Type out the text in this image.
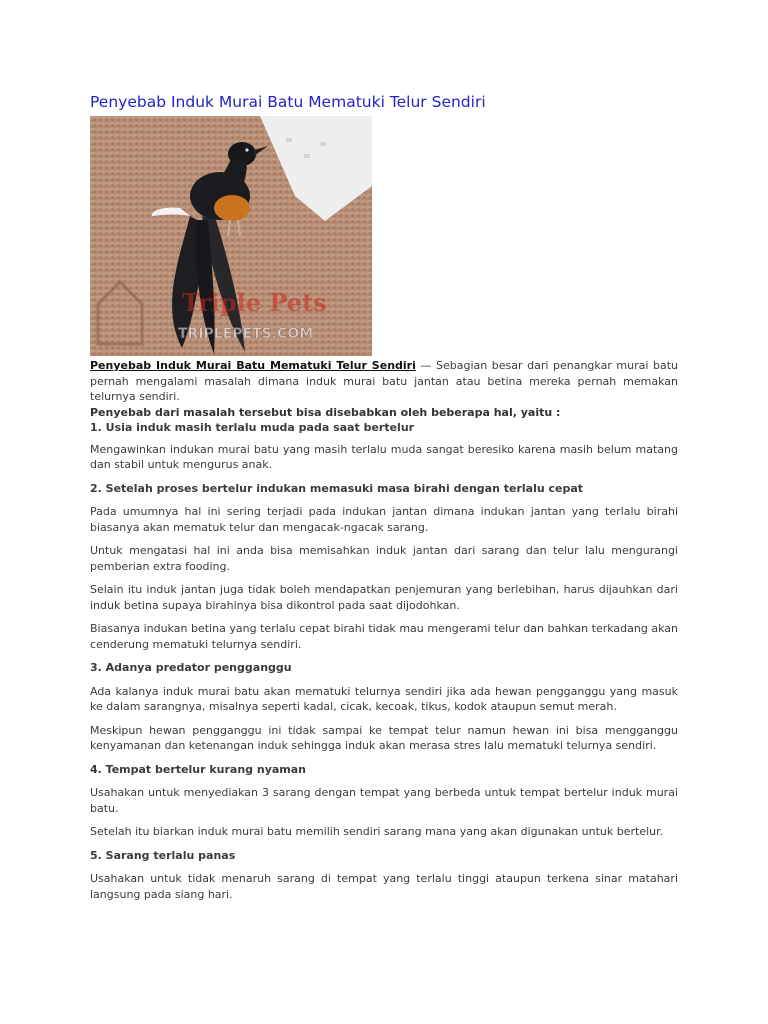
Penyebab Induk Murai Batu Mematuki Telur Sendiri
Triple Pets
TRIPLEPETS.COM

Penyebab Induk Murai Batu Mematuki Telur Sendiri — Sebagian besar dari penangkar murai batu pernah mengalami masalah dimana induk murai batu jantan atau betina mereka pernah memakan telurnya sendiri.

Penyebab dari masalah tersebut bisa disebabkan oleh beberapa hal, yaitu :

1. Usia induk masih terlalu muda pada saat bertelur

Mengawinkan indukan murai batu yang masih terlalu muda sangat beresiko karena masih belum matang dan stabil untuk mengurus anak.

2. Setelah proses bertelur indukan memasuki masa birahi dengan terlalu cepat

Pada umumnya hal ini sering terjadi pada indukan jantan dimana indukan jantan yang terlalu birahi biasanya akan mematuk telur dan mengacak-ngacak sarang.

Untuk mengatasi hal ini anda bisa memisahkan induk jantan dari sarang dan telur lalu mengurangi pemberian extra fooding.

Selain itu induk jantan juga tidak boleh mendapatkan penjemuran yang berlebihan, harus dijauhkan dari induk betina supaya birahinya bisa dikontrol pada saat dijodohkan.

Biasanya indukan betina yang terlalu cepat birahi tidak mau mengerami telur dan bahkan terkadang akan cenderung mematuki telurnya sendiri.

3. Adanya predator pengganggu

Ada kalanya induk murai batu akan mematuki telurnya sendiri jika ada hewan pengganggu yang masuk ke dalam sarangnya, misalnya seperti kadal, cicak, kecoak, tikus, kodok ataupun semut merah.

Meskipun hewan pengganggu ini tidak sampai ke tempat telur namun hewan ini bisa mengganggu kenyamanan dan ketenangan induk sehingga induk akan merasa stres lalu mematuki telurnya sendiri.

4. Tempat bertelur kurang nyaman

Usahakan untuk menyediakan 3 sarang dengan tempat yang berbeda untuk tempat bertelur induk murai batu.

Setelah itu biarkan induk murai batu memilih sendiri sarang mana yang akan digunakan untuk bertelur.

5. Sarang terlalu panas

Usahakan untuk tidak menaruh sarang di tempat yang terlalu tinggi ataupun terkena sinar matahari langsung pada siang hari.
